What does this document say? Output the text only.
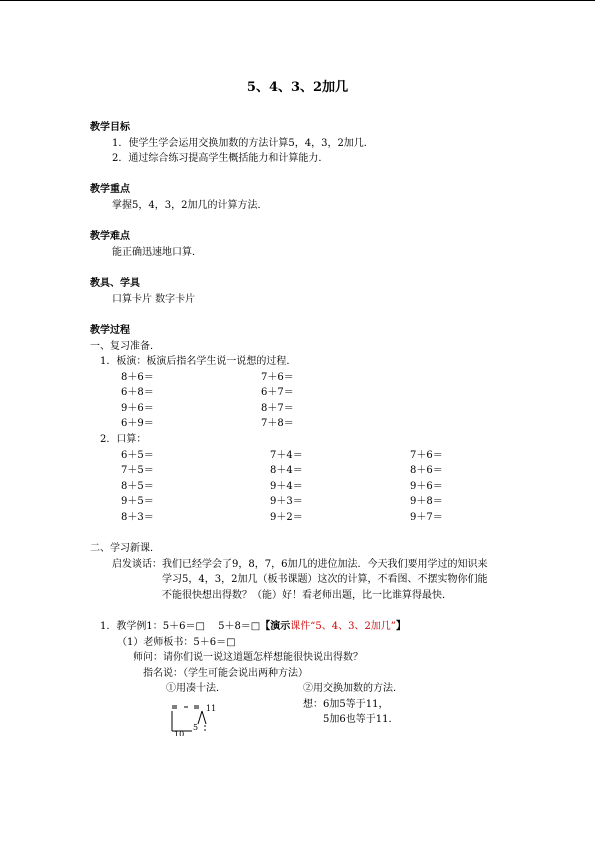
5、4、3、2加几
教学目标
1．使学生学会运用交换加数的方法计算5，4，3，2加几．
2．通过综合练习提高学生概括能力和计算能力．
教学重点
掌握5，4，3，2加几的计算方法．
教学难点
能正确迅速地口算．
教具、学具
口算卡片 数字卡片
教学过程
一、复习准备．
1．板演：板演后指名学生说一说想的过程．
8＋6＝
6＋8＝
9＋6＝
6＋9＝
7＋6＝
6＋7＝
8＋7＝
7＋8＝
2．口算：
6＋5＝
7＋5＝
8＋5＝
9＋5＝
8＋3＝
7＋4＝
8＋4＝
9＋4＝
9＋3＝
9＋2＝
7＋6＝
8＋6＝
9＋6＝
9＋8＝
9＋7＝
二、学习新课．
启发谈话：我们已经学会了9，8，7，6加几的进位加法．今天我们要用学过的知识来
学习5，4，3，2加几（板书课题）这次的计算，不看图、不摆实物你们能
不能很快想出得数？（能）好！看老师出题，比一比谁算得最快．
1．教学例1：5＋6＝□　 5＋8＝□【演示课件“5、4、3、2加几”】
（1）老师板书：5＋6＝□
师问：请你们说一说这道题怎样想能很快说出得数？
指名说：（学生可能会说出两种方法）
①用凑十法．	②用交换加数的方法．
想：6加5等于11，
5加6也等于11．
11
10
5
